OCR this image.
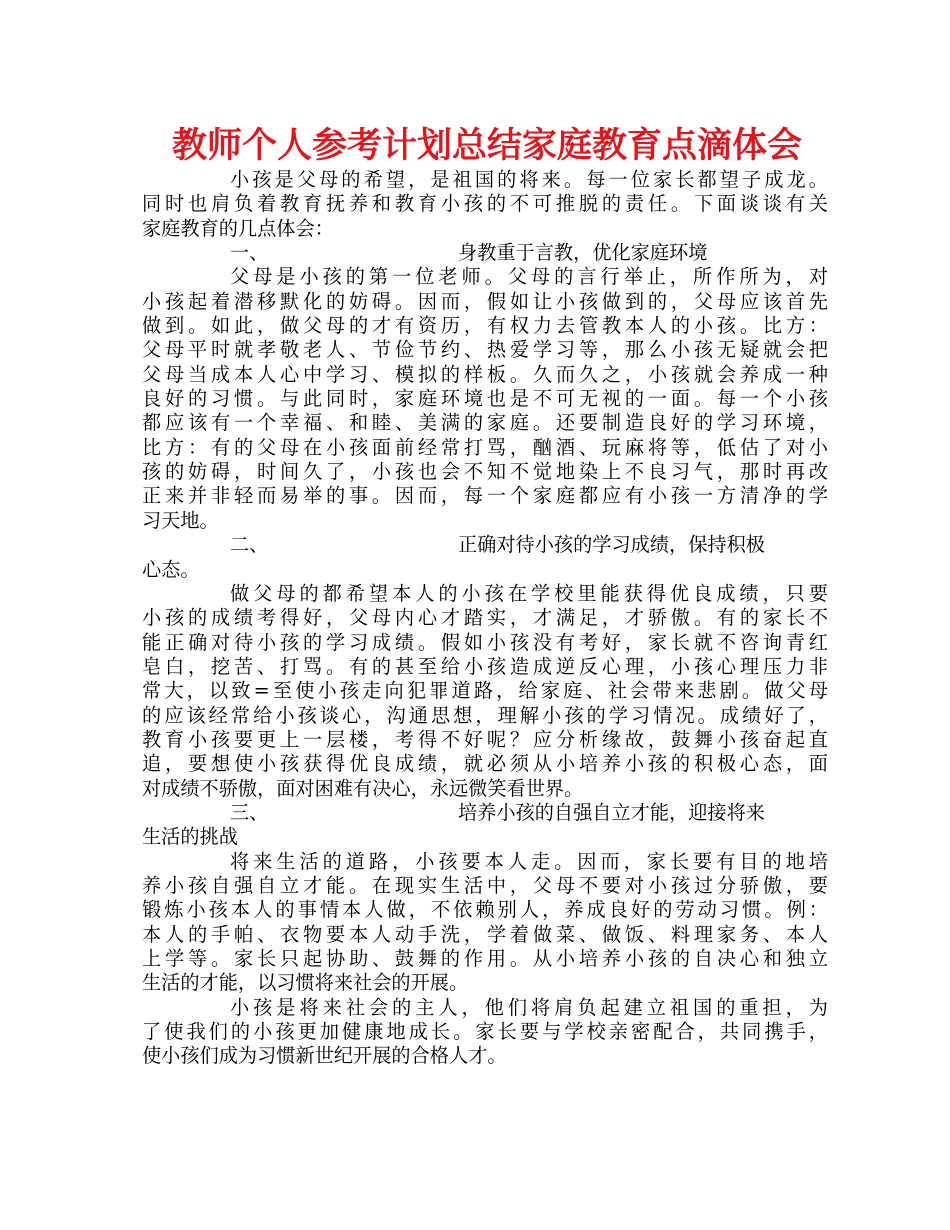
教师个人参考计划总结家庭教育点滴体会
小孩是父母的希望，是祖国的将来。每一位家长都望子成龙。
同时也肩负着教育抚养和教育小孩的不可推脱的责任。下面谈谈有关
家庭教育的几点体会：
一、	身教重于言教，优化家庭环境
父母是小孩的第一位老师。父母的言行举止，所作所为，对
小孩起着潜移默化的妨碍。因而，假如让小孩做到的，父母应该首先
做到。如此，做父母的才有资历，有权力去管教本人的小孩。比方：
父母平时就孝敬老人、节俭节约、热爱学习等，那么小孩无疑就会把
父母当成本人心中学习、模拟的样板。久而久之，小孩就会养成一种
良好的习惯。与此同时，家庭环境也是不可无视的一面。每一个小孩
都应该有一个幸福、和睦、美满的家庭。还要制造良好的学习环境，
比方：有的父母在小孩面前经常打骂，酗酒、玩麻将等，低估了对小
孩的妨碍，时间久了，小孩也会不知不觉地染上不良习气，那时再改
正来并非轻而易举的事。因而，每一个家庭都应有小孩一方清净的学
习天地。
二、	正确对待小孩的学习成绩，保持积极
心态。
做父母的都希望本人的小孩在学校里能获得优良成绩，只要
小孩的成绩考得好，父母内心才踏实，才满足，才骄傲。有的家长不
能正确对待小孩的学习成绩。假如小孩没有考好，家长就不咨询青红
皂白，挖苦、打骂。有的甚至给小孩造成逆反心理，小孩心理压力非
常大，以致=至使小孩走向犯罪道路，给家庭、社会带来悲剧。做父母
的应该经常给小孩谈心，沟通思想，理解小孩的学习情况。成绩好了，
教育小孩要更上一层楼，考得不好呢？应分析缘故，鼓舞小孩奋起直
追，要想使小孩获得优良成绩，就必须从小培养小孩的积极心态，面
对成绩不骄傲，面对困难有决心，永远微笑看世界。
三、	培养小孩的自强自立才能，迎接将来
生活的挑战
将来生活的道路，小孩要本人走。因而，家长要有目的地培
养小孩自强自立才能。在现实生活中，父母不要对小孩过分骄傲，要
锻炼小孩本人的事情本人做，不依赖别人，养成良好的劳动习惯。例：
本人的手帕、衣物要本人动手洗，学着做菜、做饭、料理家务、本人
上学等。家长只起协助、鼓舞的作用。从小培养小孩的自决心和独立
生活的才能，以习惯将来社会的开展。
小孩是将来社会的主人，他们将肩负起建立祖国的重担，为
了使我们的小孩更加健康地成长。家长要与学校亲密配合，共同携手，
使小孩们成为习惯新世纪开展的合格人才。
